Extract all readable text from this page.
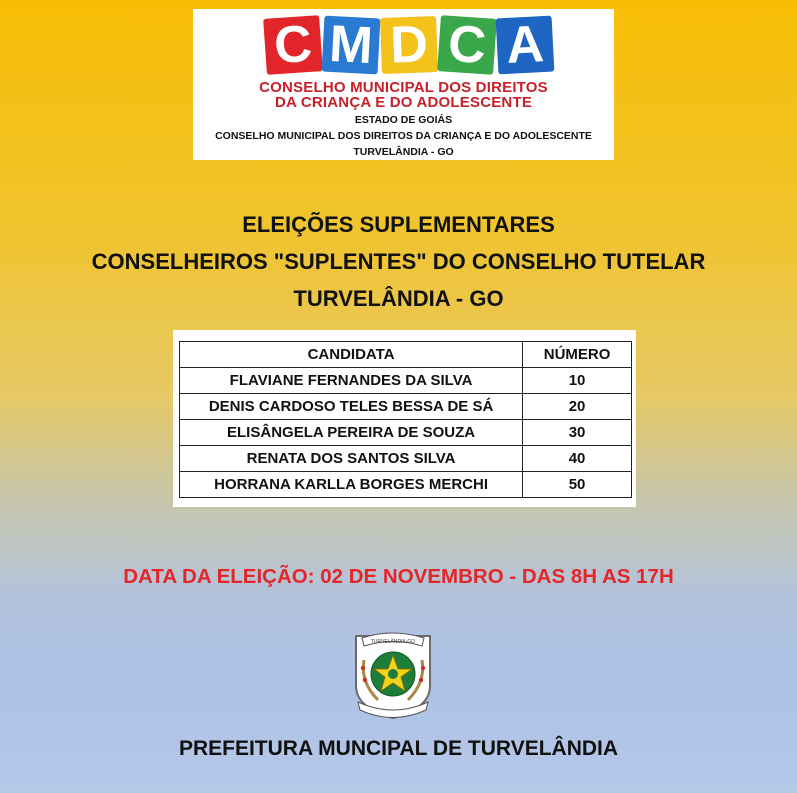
C M D C A
CONSELHO MUNICIPAL DOS DIREITOS
DA CRIANÇA E DO ADOLESCENTE
ESTADO DE GOIÁS
CONSELHO MUNICIPAL DOS DIREITOS DA CRIANÇA E DO ADOLESCENTE
TURVELÂNDIA - GO
ELEIÇÕES SUPLEMENTARES
CONSELHEIROS "SUPLENTES" DO CONSELHO TUTELAR
TURVELÂNDIA - GO
CANDIDATA	NÚMERO
FLAVIANE FERNANDES DA SILVA	10
DENIS CARDOSO TELES BESSA DE SÁ	20
ELISÂNGELA PEREIRA DE SOUZA	30
RENATA DOS SANTOS SILVA	40
HORRANA KARLLA BORGES MERCHI	50
DATA DA ELEIÇÃO: 02 DE NOVEMBRO - DAS 8H AS 17H
TURVELÂNDIA-GO
PREFEITURA MUNCIPAL DE TURVELÂNDIA
